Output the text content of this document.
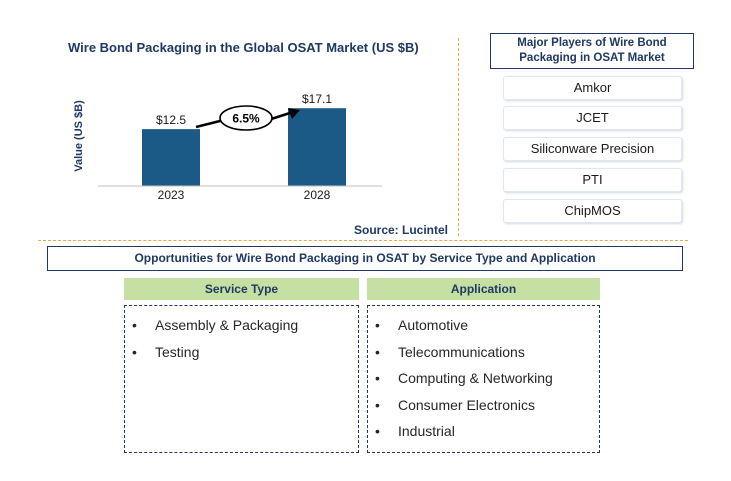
Wire Bond Packaging in the Global OSAT Market (US $B)
Value (US $B)	$12.5
2023
$17.1
2028
6.5%
Source: Lucintel
Major Players of Wire Bond Packaging in OSAT Market
Amkor
JCET
Siliconware Precision
PTI
ChipMOS
Opportunities for Wire Bond Packaging in OSAT by Service Type and Application
Service Type	Application
• Assembly & Packaging
• Testing
• Automotive
• Telecommunications
• Computing & Networking
• Consumer Electronics
• Industrial
